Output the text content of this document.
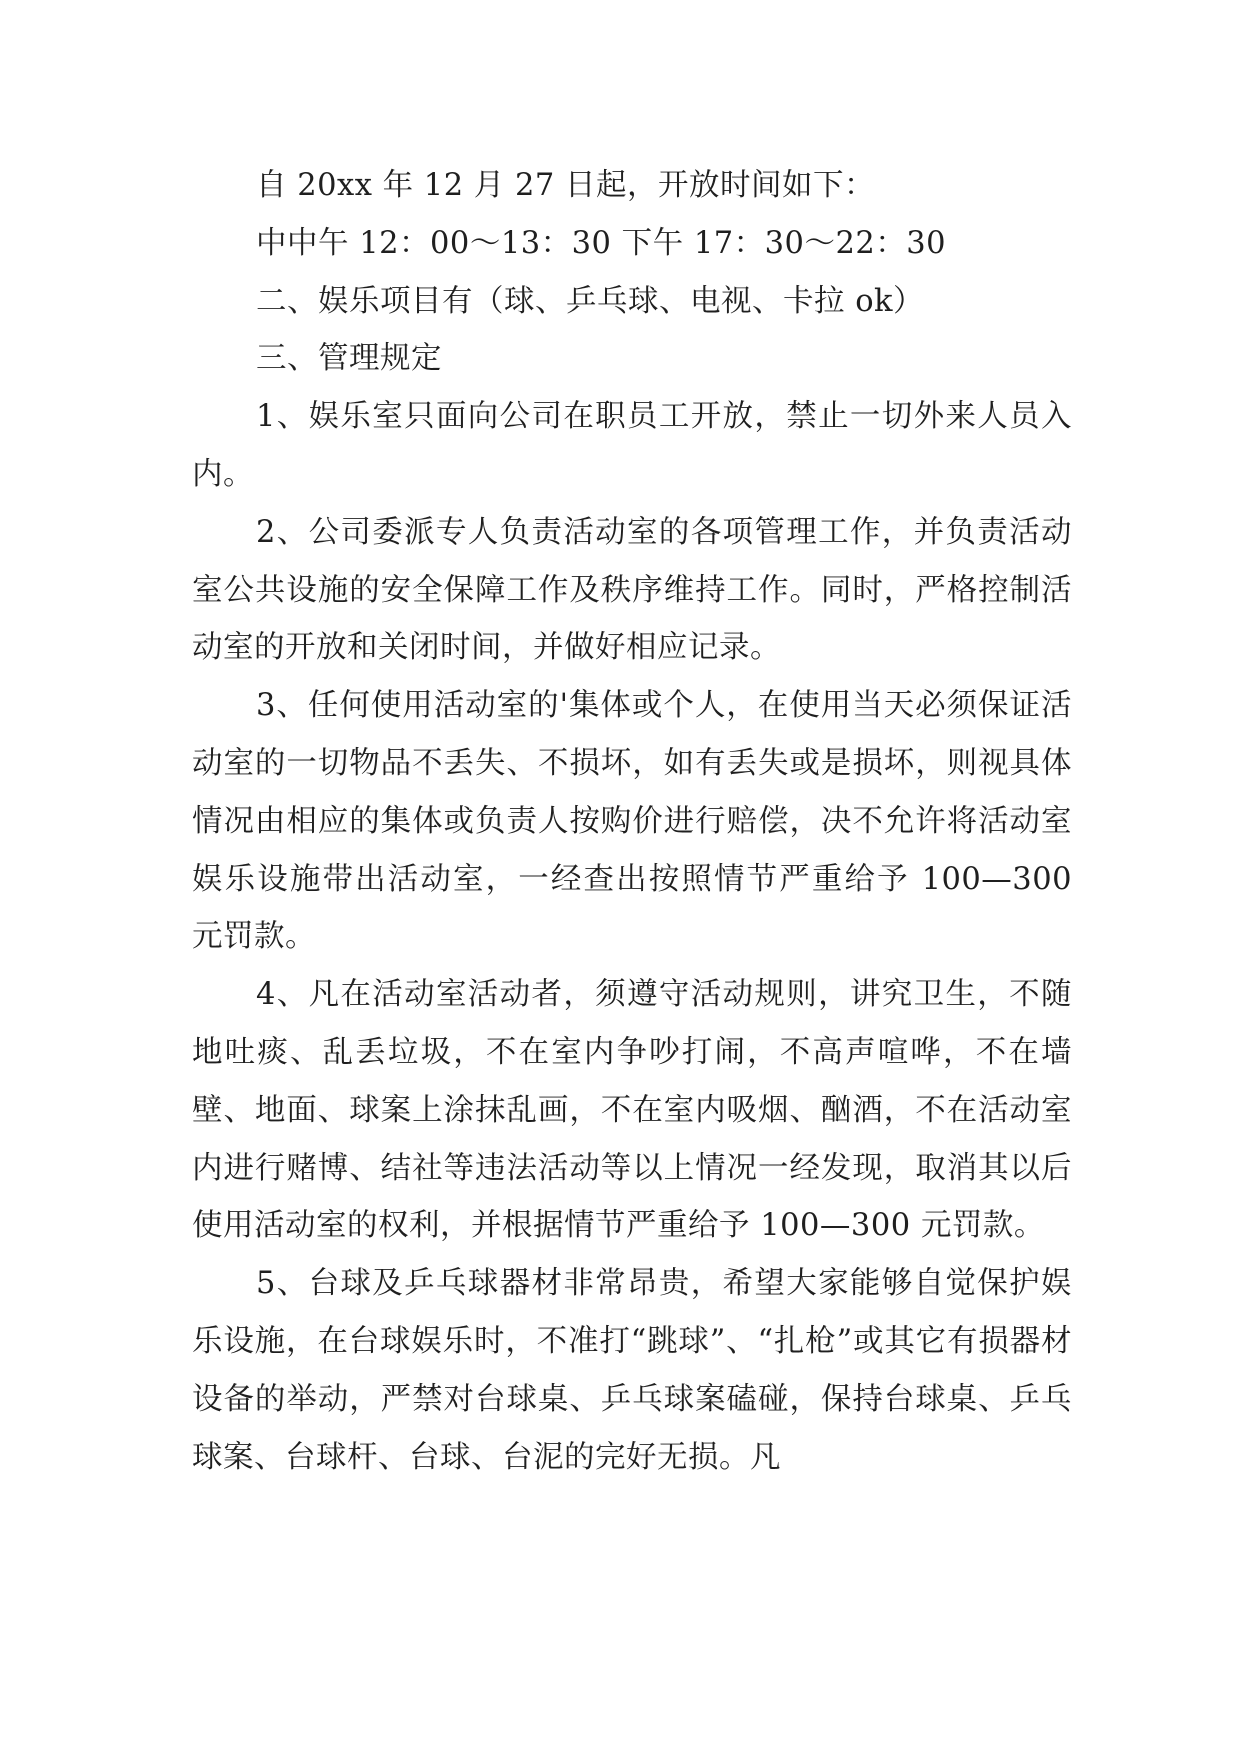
自 20xx 年 12 月 27 日起，开放时间如下：

中中午 12：00～13：30 下午 17：30～22：30

二、娱乐项目有（球、乒乓球、电视、卡拉 ok）

三、管理规定

1、娱乐室只面向公司在职员工开放，禁止一切外来人员入内。

2、公司委派专人负责活动室的各项管理工作，并负责活动室公共设施的安全保障工作及秩序维持工作。同时，严格控制活动室的开放和关闭时间，并做好相应记录。

3、任何使用活动室的'集体或个人，在使用当天必须保证活动室的一切物品不丢失、不损坏，如有丢失或是损坏，则视具体情况由相应的集体或负责人按购价进行赔偿，决不允许将活动室娱乐设施带出活动室，一经查出按照情节严重给予 100—300 元罚款。

4、凡在活动室活动者，须遵守活动规则，讲究卫生，不随地吐痰、乱丢垃圾，不在室内争吵打闹，不高声喧哗，不在墙壁、地面、球案上涂抹乱画，不在室内吸烟、酗酒，不在活动室内进行赌博、结社等违法活动等以上情况一经发现，取消其以后使用活动室的权利，并根据情节严重给予 100—300 元罚款。

5、台球及乒乓球器材非常昂贵，希望大家能够自觉保护娱乐设施，在台球娱乐时，不准打“跳球”、“扎枪”或其它有损器材设备的举动，严禁对台球桌、乒乓球案磕碰，保持台球桌、乒乓球案、台球杆、台球、台泥的完好无损。凡
